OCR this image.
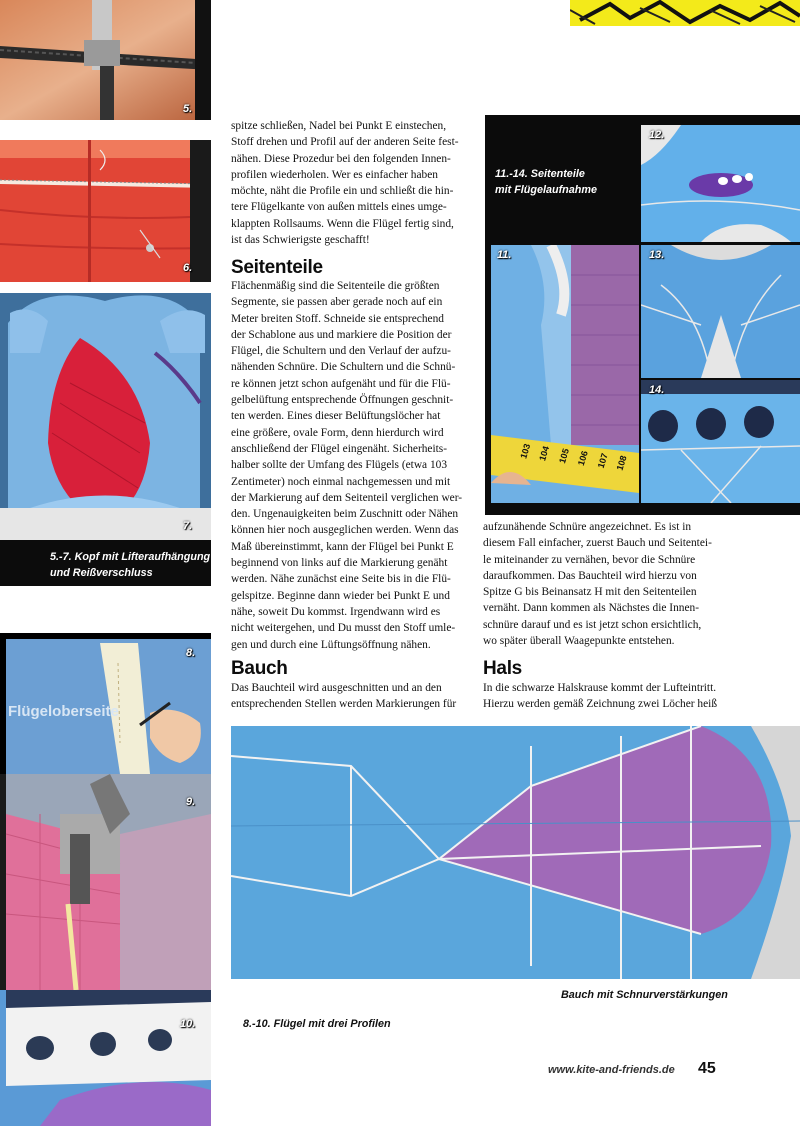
5.
6.
7.
5.-7. Kopf mit Lifteraufhängung
und Reißverschluss
Flügeloberseite
8.
9.
10.	8.-10. Flügel mit drei Profilen
spitze schließen, Nadel bei Punkt E einstechen,
Stoff drehen und Profil auf der anderen Seite fest-
nähen. Diese Prozedur bei den folgenden Innen-
profilen wiederholen. Wer es einfacher haben
möchte, näht die Profile ein und schließt die hin-
tere Flügelkante von außen mittels eines umge-
klappten Rollsaums. Wenn die Flügel fertig sind,
ist das Schwierigste geschafft!
Seitenteile
Flächenmäßig sind die Seitenteile die größten
Segmente, sie passen aber gerade noch auf ein
Meter breiten Stoff. Schneide sie entsprechend
der Schablone aus und markiere die Position der
Flügel, die Schultern und den Verlauf der aufzu-
nähenden Schnüre. Die Schultern und die Schnü-
re können jetzt schon aufgenäht und für die Flü-
gelbelüftung entsprechende Öffnungen geschnit-
ten werden. Eines dieser Belüftungslöcher hat
eine größere, ovale Form, denn hierdurch wird
anschließend der Flügel eingenäht. Sicherheits-
halber sollte der Umfang des Flügels (etwa 103
Zentimeter) noch einmal nachgemessen und mit
der Markierung auf dem Seitenteil verglichen wer-
den. Ungenauigkeiten beim Zuschnitt oder Nähen
können hier noch ausgeglichen werden. Wenn das
Maß übereinstimmt, kann der Flügel bei Punkt E
beginnend von links auf die Markierung genäht
werden. Nähe zunächst eine Seite bis in die Flü-
gelspitze. Beginne dann wieder bei Punkt E und
nähe, soweit Du kommst. Irgendwann wird es
nicht weitergehen, und Du musst den Stoff umle-
gen und durch eine Lüftungsöffnung nähen.
Bauch
Das Bauchteil wird ausgeschnitten und an den
entsprechenden Stellen werden Markierungen für
11.-14. Seitenteile
mit Flügelaufnahme
12.
103 104 105 106 107 108
11.	13.
14.
aufzunähende Schnüre angezeichnet. Es ist in
diesem Fall einfacher, zuerst Bauch und Seitentei-
le miteinander zu vernähen, bevor die Schnüre
daraufkommen. Das Bauchteil wird hierzu von
Spitze G bis Beinansatz H mit den Seitenteilen
vernäht. Dann kommen als Nächstes die Innen-
schnüre darauf und es ist jetzt schon ersichtlich,
wo später überall Waagepunkte entstehen.
Hals
In die schwarze Halskrause kommt der Lufteintritt.
Hierzu werden gemäß Zeichnung zwei Löcher heiß
Bauch mit Schnurverstärkungen
www.kite-and-friends.de 45
